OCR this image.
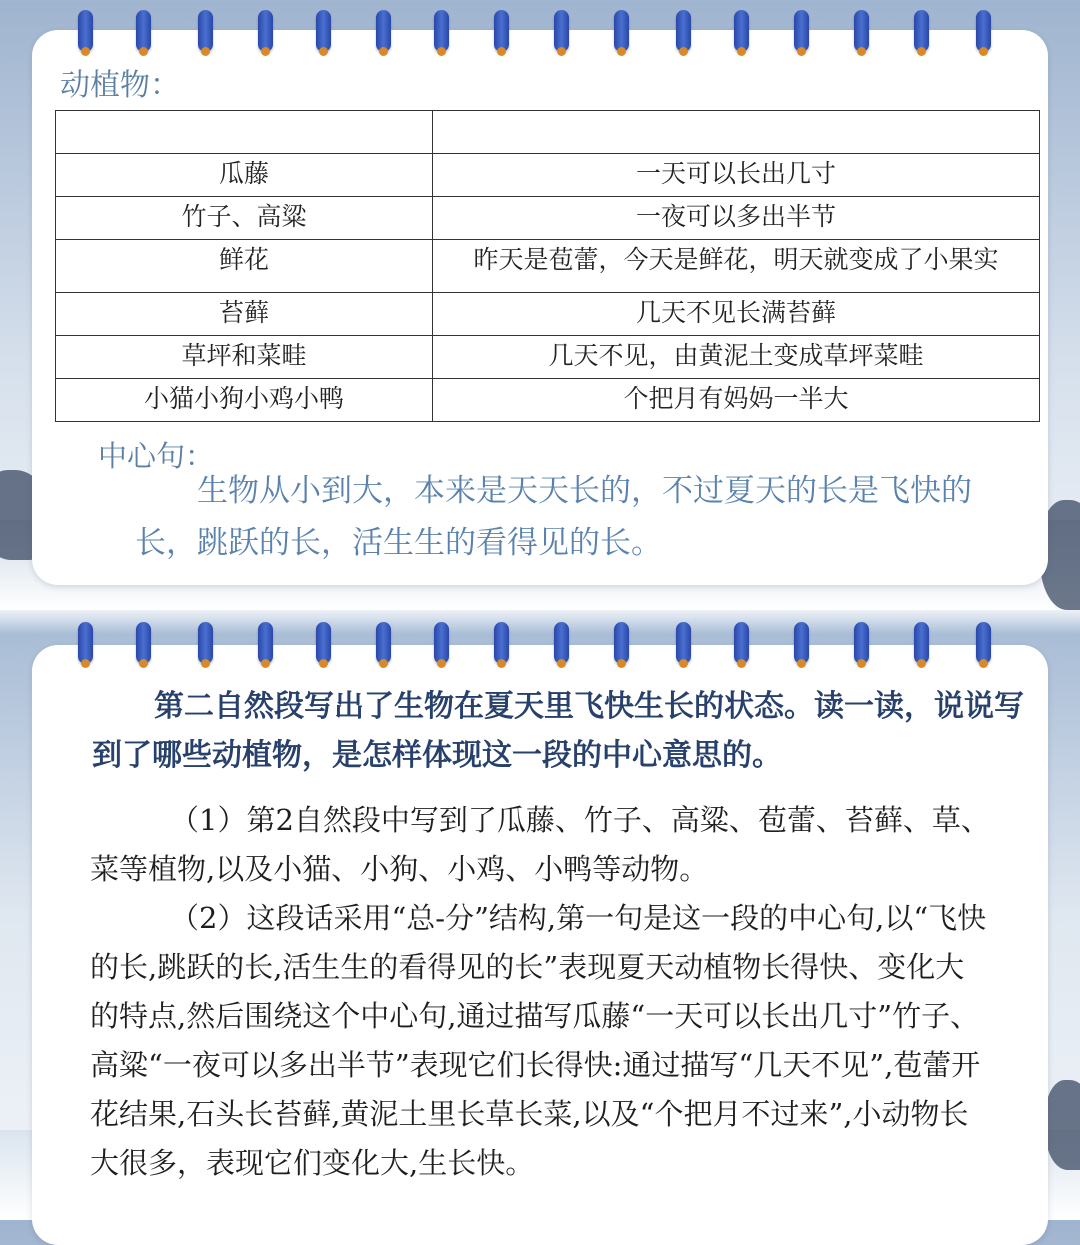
动植物：

瓜藤	一天可以长出几寸
竹子、高粱	一夜可以多出半节
鲜花	昨天是苞蕾，今天是鲜花，明天就变成了小果实
苔藓	几天不见长满苔藓
草坪和菜畦	几天不见，由黄泥土变成草坪菜畦
小猫小狗小鸡小鸭	个把月有妈妈一半大
中心句：

生物从小到大，本来是天天长的，不过夏天的长是飞快的长，跳跃的长，活生生的看得见的长。

第二自然段写出了生物在夏天里飞快生长的状态。读一读，说说写到了哪些动植物，是怎样体现这一段的中心意思的。

（1）第2自然段中写到了瓜藤、竹子、高粱、苞蕾、苔藓、草、菜等植物,以及小猫、小狗、小鸡、小鸭等动物。

（2）这段话采用“总-分”结构,第一句是这一段的中心句,以“飞快的长,跳跃的长,活生生的看得见的长”表现夏天动植物长得快、变化大的特点,然后围绕这个中心句,通过描写瓜藤“一天可以长出几寸”竹子、高粱“一夜可以多出半节”表现它们长得快:通过描写“几天不见”,苞蕾开花结果,石头长苔藓,黄泥土里长草长菜,以及“个把月不过来”,小动物长大很多，表现它们变化大,生长快。
